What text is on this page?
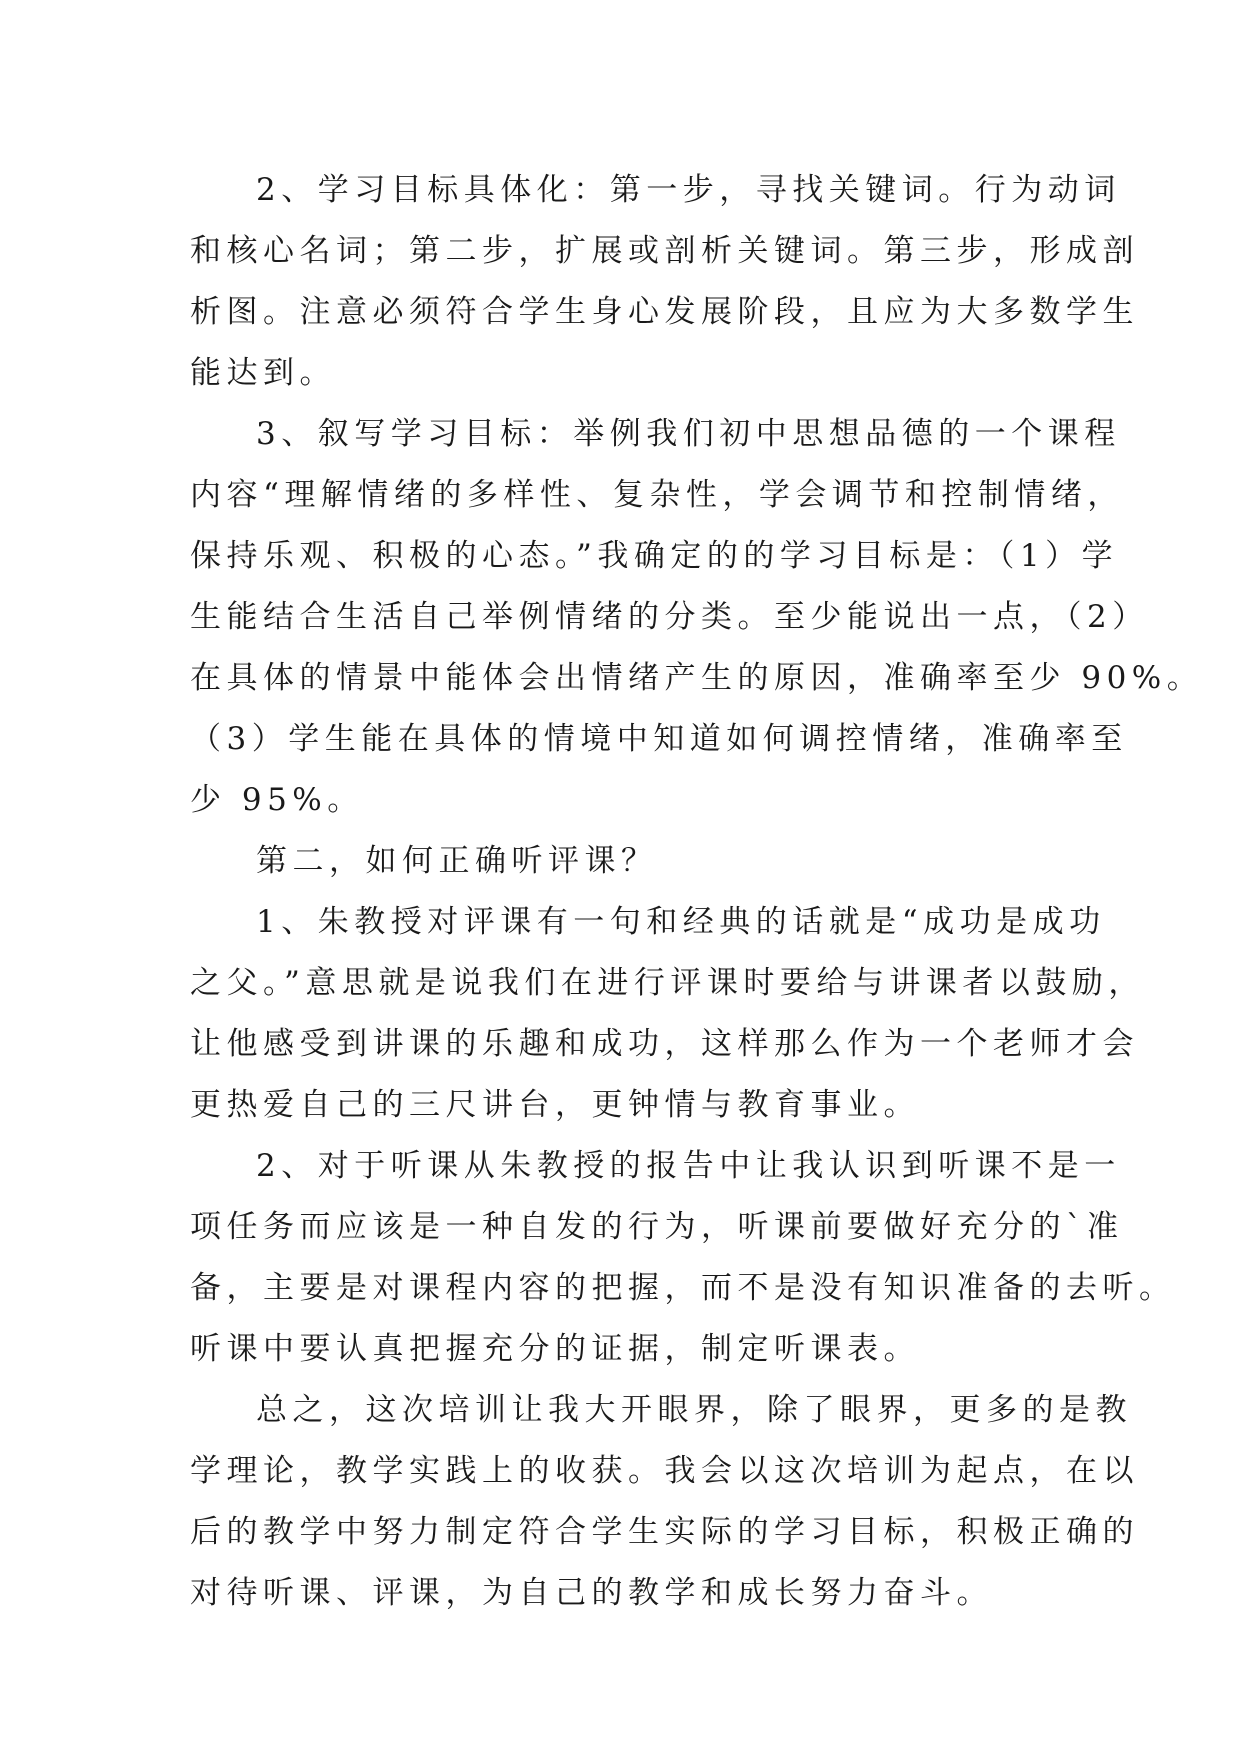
2、学习目标具体化：第一步，寻找关键词。行为动词
和核心名词；第二步，扩展或剖析关键词。第三步，形成剖
析图。注意必须符合学生身心发展阶段，且应为大多数学生
能达到。
3、叙写学习目标：举例我们初中思想品德的一个课程
内容“理解情绪的多样性、复杂性，学会调节和控制情绪，
保持乐观、积极的心态。”我确定的的学习目标是：（1）学
生能结合生活自己举例情绪的分类。至少能说出一点，（2）
在具体的情景中能体会出情绪产生的原因，准确率至少 90%。
（3）学生能在具体的情境中知道如何调控情绪，准确率至
少 95%。
第二，如何正确听评课？
1、朱教授对评课有一句和经典的话就是“成功是成功
之父。”意思就是说我们在进行评课时要给与讲课者以鼓励，
让他感受到讲课的乐趣和成功，这样那么作为一个老师才会
更热爱自己的三尺讲台，更钟情与教育事业。
2、对于听课从朱教授的报告中让我认识到听课不是一
项任务而应该是一种自发的行为，听课前要做好充分的`准
备，主要是对课程内容的把握，而不是没有知识准备的去听。
听课中要认真把握充分的证据，制定听课表。
总之，这次培训让我大开眼界，除了眼界，更多的是教
学理论，教学实践上的收获。我会以这次培训为起点，在以
后的教学中努力制定符合学生实际的学习目标，积极正确的
对待听课、评课，为自己的教学和成长努力奋斗。
